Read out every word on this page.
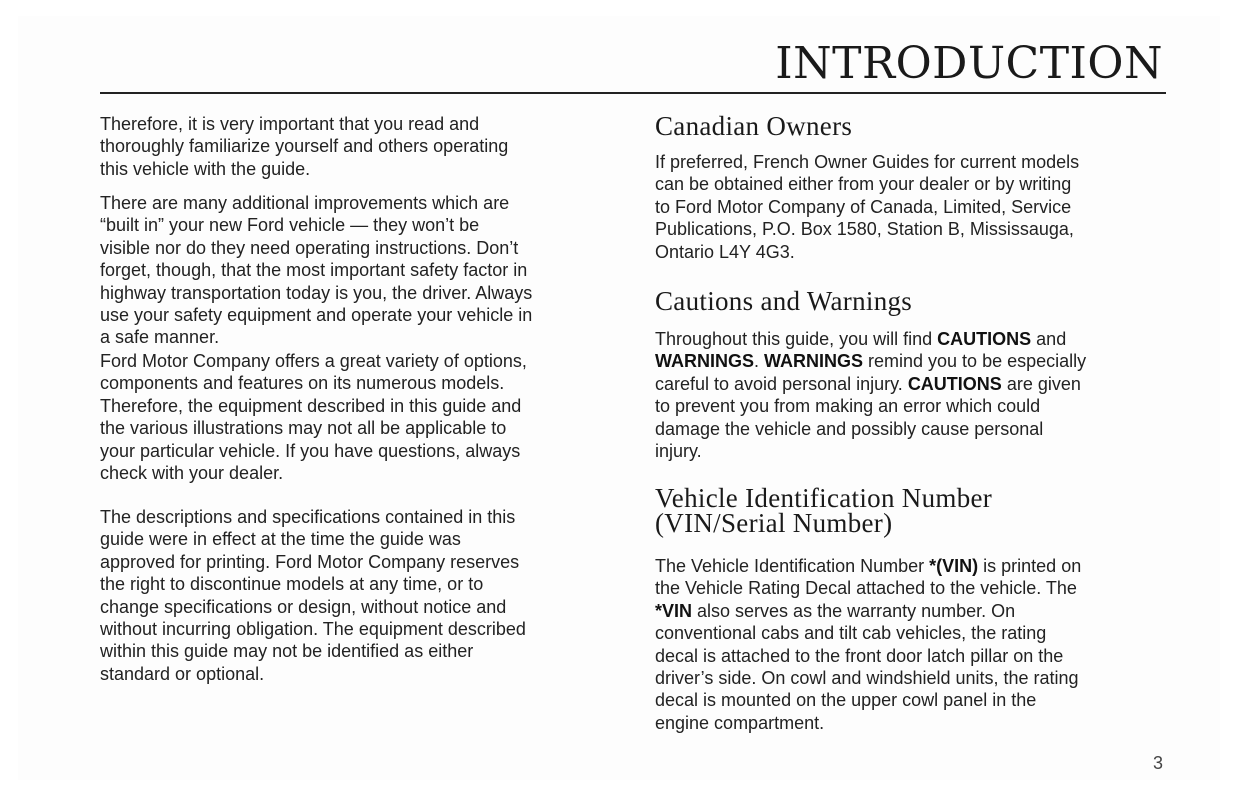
INTRODUCTION
Therefore, it is very important that you read and
thoroughly familiarize yourself and others operating
this vehicle with the guide.
There are many additional improvements which are
“built in” your new Ford vehicle — they won’t be
visible nor do they need operating instructions. Don’t
forget, though, that the most important safety factor in
highway transportation today is you, the driver. Always
use your safety equipment and operate your vehicle in
a safe manner.
Ford Motor Company offers a great variety of options,
components and features on its numerous models.
Therefore, the equipment described in this guide and
the various illustrations may not all be applicable to
your particular vehicle. If you have questions, always
check with your dealer.
The descriptions and specifications contained in this
guide were in effect at the time the guide was
approved for printing. Ford Motor Company reserves
the right to discontinue models at any time, or to
change specifications or design, without notice and
without incurring obligation. The equipment described
within this guide may not be identified as either
standard or optional.
Canadian Owners
If preferred, French Owner Guides for current models
can be obtained either from your dealer or by writing
to Ford Motor Company of Canada, Limited, Service
Publications, P.O. Box 1580, Station B, Mississauga,
Ontario L4Y 4G3.
Cautions and Warnings
Throughout this guide, you will find CAUTIONS and
WARNINGS. WARNINGS remind you to be especially
careful to avoid personal injury. CAUTIONS are given
to prevent you from making an error which could
damage the vehicle and possibly cause personal
injury.
Vehicle Identification Number
(VIN/Serial Number)
The Vehicle Identification Number *(VIN) is printed on
the Vehicle Rating Decal attached to the vehicle. The
*VIN also serves as the warranty number. On
conventional cabs and tilt cab vehicles, the rating
decal is attached to the front door latch pillar on the
driver’s side. On cowl and windshield units, the rating
decal is mounted on the upper cowl panel in the
engine compartment.
3
